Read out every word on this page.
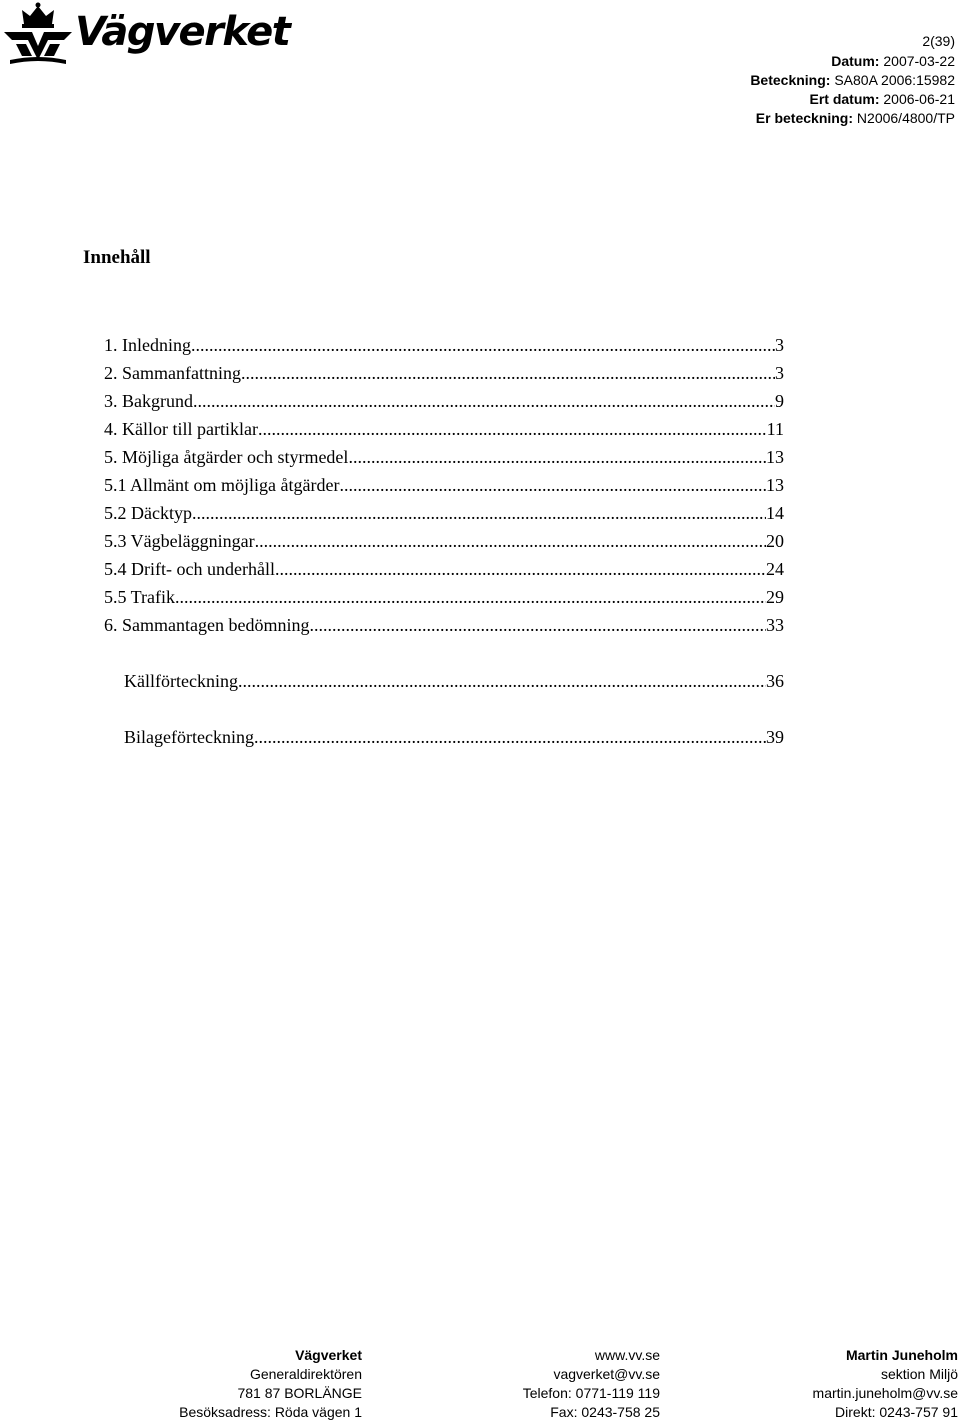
Vägverket	2(39)
Datum: 2007-03-22
Beteckning: SA80A 2006:15982
Ert datum: 2006-06-21
Er beteckning: N2006/4800/TP
Innehåll
1. Inledning .....	3
2. Sammanfattning .....	3
3. Bakgrund .....	9
4. Källor till partiklar .....	11
5. Möjliga åtgärder och styrmedel .....	13
5.1 Allmänt om möjliga åtgärder .....	13
5.2 Däcktyp .....	14
5.3 Vägbeläggningar .....	20
5.4 Drift- och underhåll .....	24
5.5 Trafik .....	29
6. Sammantagen bedömning .....	33
Källförteckning .....	36
Bilageförteckning .....	39
Vägverket
Generaldirektören
781 87 BORLÄNGE
Besöksadress: Röda vägen 1
www.vv.se
vagverket@vv.se
Telefon: 0771-119 119
Fax: 0243-758 25
Martin Juneholm
sektion Miljö
martin.juneholm@vv.se
Direkt: 0243-757 91
